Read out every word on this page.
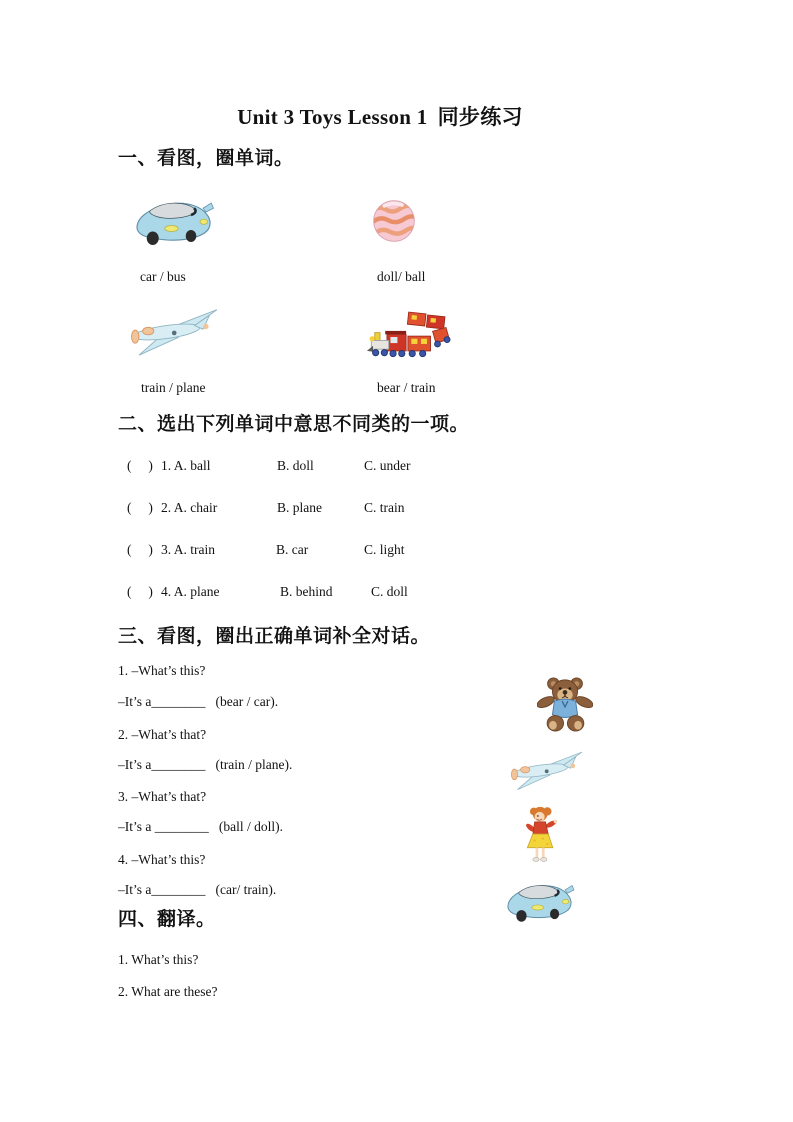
Unit 3 Toys Lesson 1 同步练习
一、看图，圈单词。
car / bus	doll/ ball
train / plane	bear / train
二、选出下列单词中意思不同类的一项。
(     ) 1. A. ball	B. doll	C. under
(     ) 2. A. chair	B. plane	C. train
(     ) 3. A. train	B. car	C. light
(     ) 4. A. plane	B. behind	C. doll
三、看图，圈出正确单词补全对话。
1. –What’s this?
–It’s a________   (bear / car).
2. –What’s that?
–It’s a________   (train / plane).
3. –What’s that?
–It’s a ________   (ball / doll).
4. –What’s this?
–It’s a________   (car/ train).
四、翻译。
1. What’s this?
2. What are these?
